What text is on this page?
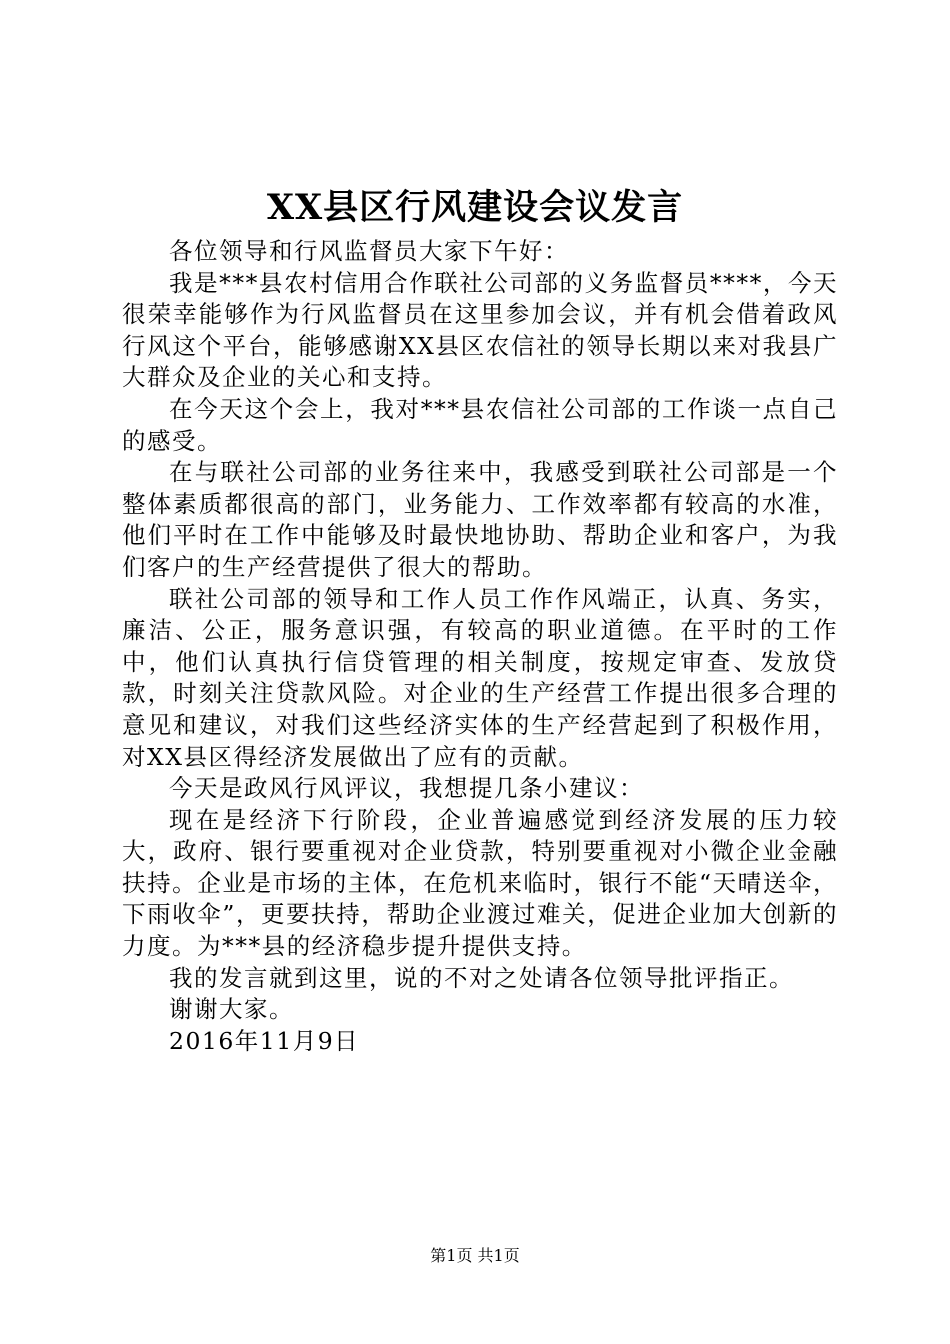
XX县区行风建设会议发言

各位领导和行风监督员大家下午好：

我是***县农村信用合作联社公司部的义务监督员****，今天很荣幸能够作为行风监督员在这里参加会议，并有机会借着政风行风这个平台，能够感谢XX县区农信社的领导长期以来对我县广大群众及企业的关心和支持。

在今天这个会上，我对***县农信社公司部的工作谈一点自己的感受。

在与联社公司部的业务往来中，我感受到联社公司部是一个整体素质都很高的部门，业务能力、工作效率都有较高的水准，他们平时在工作中能够及时最快地协助、帮助企业和客户，为我们客户的生产经营提供了很大的帮助。

联社公司部的领导和工作人员工作作风端正，认真、务实，廉洁、公正，服务意识强，有较高的职业道德。在平时的工作中，他们认真执行信贷管理的相关制度，按规定审查、发放贷款，时刻关注贷款风险。对企业的生产经营工作提出很多合理的意见和建议，对我们这些经济实体的生产经营起到了积极作用，对XX县区得经济发展做出了应有的贡献。

今天是政风行风评议，我想提几条小建议：

现在是经济下行阶段，企业普遍感觉到经济发展的压力较大，政府、银行要重视对企业贷款，特别要重视对小微企业金融扶持。企业是市场的主体，在危机来临时，银行不能“天晴送伞，下雨收伞”，更要扶持，帮助企业渡过难关，促进企业加大创新的力度。为***县的经济稳步提升提供支持。

我的发言就到这里，说的不对之处请各位领导批评指正。

谢谢大家。

2016年11月9日

第1页 共1页
